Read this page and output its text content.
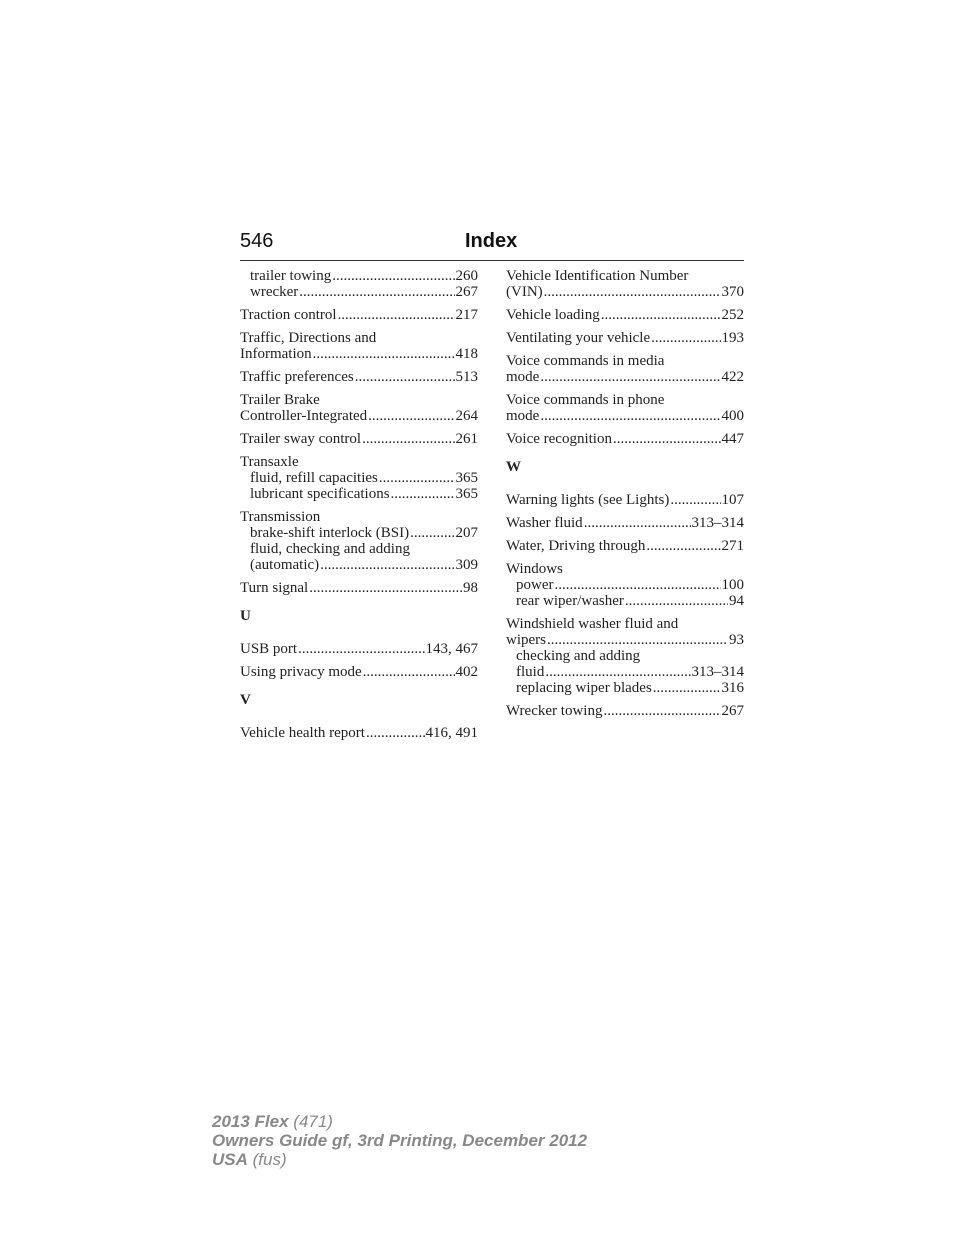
546	Index
trailer towing .....	260
wrecker .....	267
Traction control .....	217
Traffic, Directions and
Information .....	418
Traffic preferences .....	513
Trailer Brake
Controller-Integrated .....	264
Trailer sway control .....	261
Transaxle
fluid, refill capacities .....	365
lubricant specifications .....	365
Transmission
brake-shift interlock (BSI) .....	207
fluid, checking and adding
(automatic) .....	309
Turn signal .....	98
U
USB port .....	143, 467
Using privacy mode .....	402
V
Vehicle health report .....	416, 491
Vehicle Identification Number
(VIN) .....	370
Vehicle loading .....	252
Ventilating your vehicle .....	193
Voice commands in media
mode .....	422
Voice commands in phone
mode .....	400
Voice recognition .....	447
W
Warning lights (see Lights) .....	107
Washer fluid .....	313–314
Water, Driving through .....	271
Windows
power .....	100
rear wiper/washer .....	94
Windshield washer fluid and
wipers .....	93
checking and adding
fluid .....	313–314
replacing wiper blades .....	316
Wrecker towing .....	267
2013 Flex (471)
Owners Guide gf, 3rd Printing, December 2012
USA (fus)
